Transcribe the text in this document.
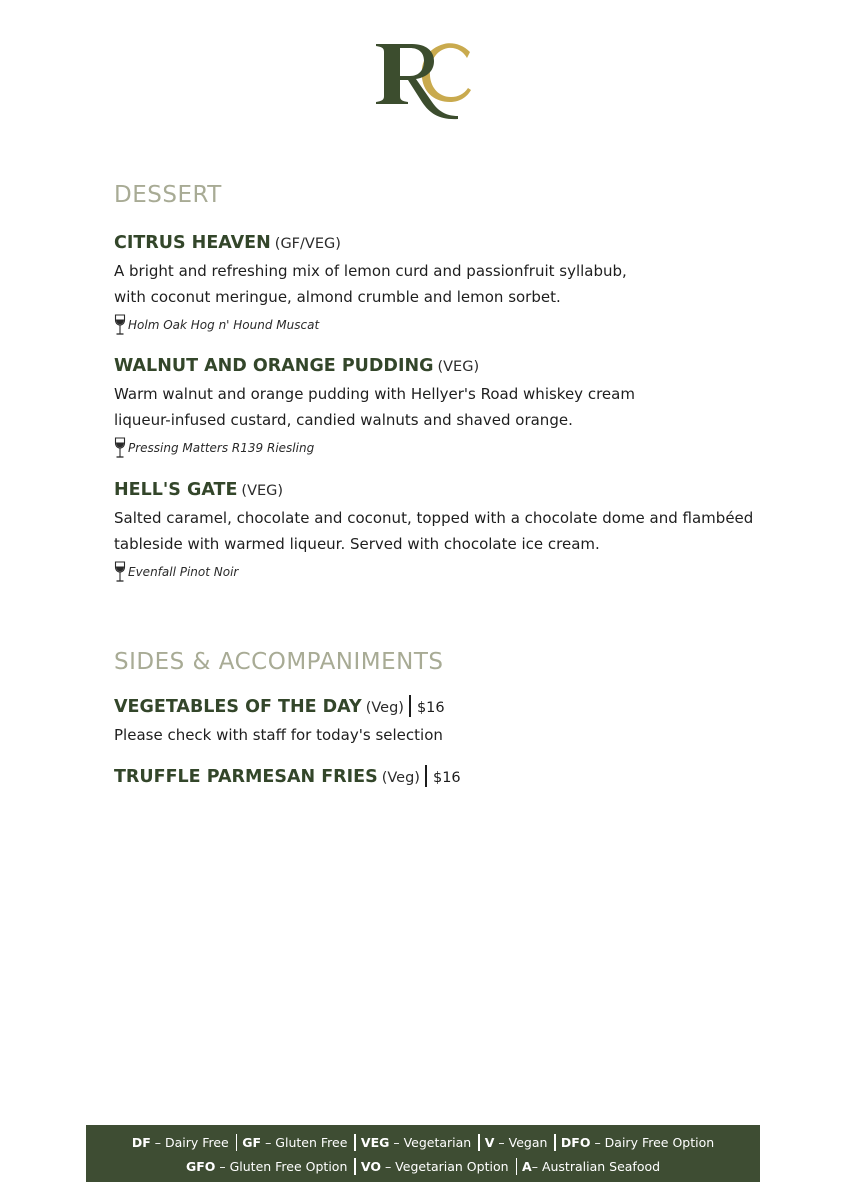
DESSERT
CITRUS HEAVEN (GF/VEG)
A bright and refreshing mix of lemon curd and passionfruit syllabub,
with coconut meringue, almond crumble and lemon sorbet.
Holm Oak Hog n' Hound Muscat
WALNUT AND ORANGE PUDDING (VEG)
Warm walnut and orange pudding with Hellyer's Road whiskey cream
liqueur-infused custard, candied walnuts and shaved orange.
Pressing Matters R139 Riesling
HELL'S GATE (VEG)
Salted caramel, chocolate and coconut, topped with a chocolate dome and flambéed
tableside with warmed liqueur. Served with chocolate ice cream.
Evenfall Pinot Noir
SIDES & ACCOMPANIMENTS
VEGETABLES OF THE DAY (Veg) $16
Please check with staff for today's selection
TRUFFLE PARMESAN FRIES (Veg) $16
DF – Dairy Free GF – Gluten Free VEG – Vegetarian V – Vegan DFO – Dairy Free Option
GFO – Gluten Free Option VO – Vegetarian Option A– Australian Seafood
